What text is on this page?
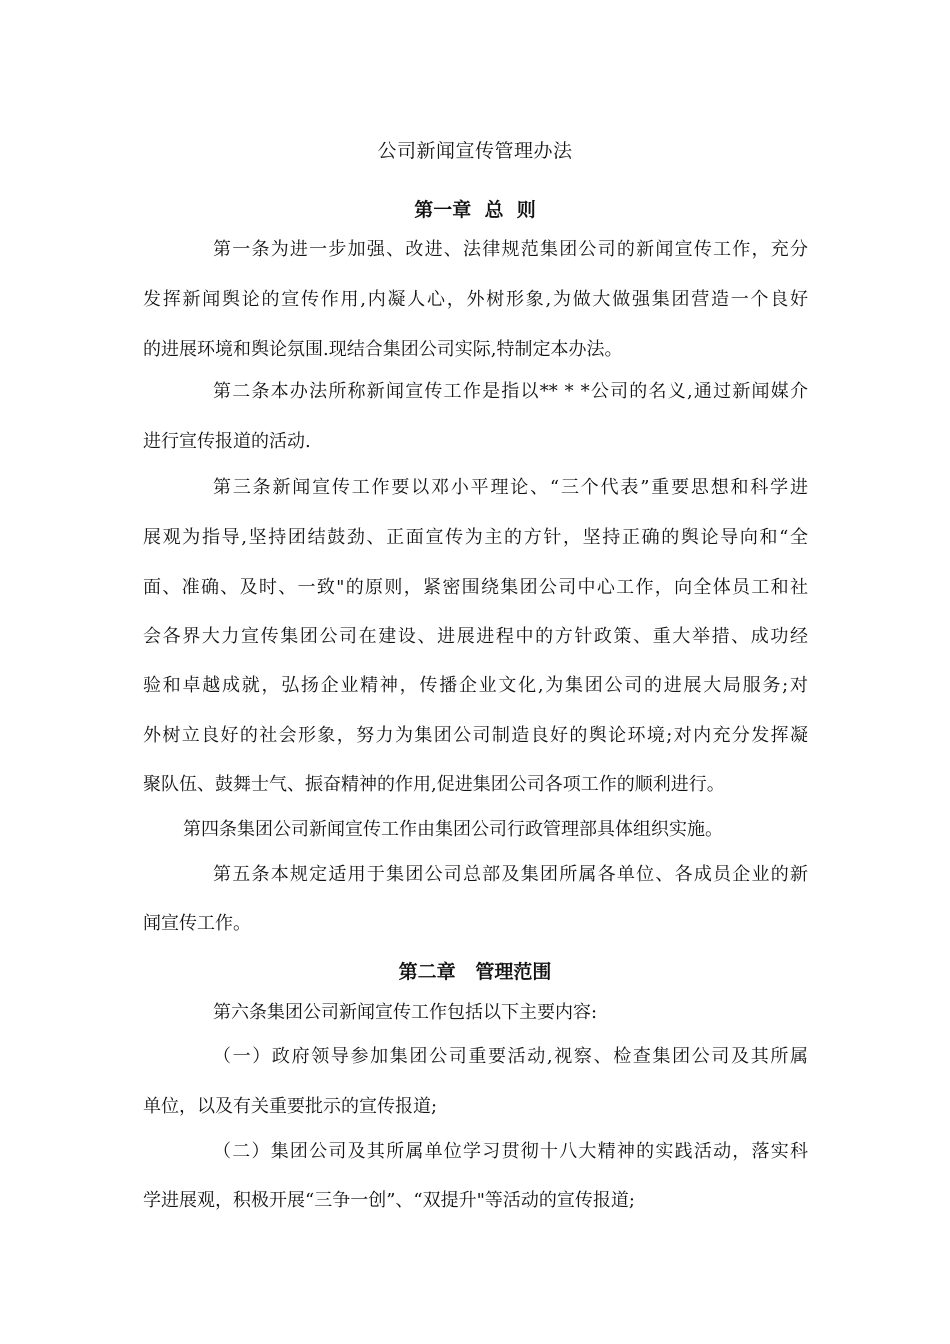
公司新闻宣传管理办法
第一章  总  则
第一条为进一步加强、改进、法律规范集团公司的新闻宣传工作，充分
发挥新闻舆论的宣传作用,内凝人心，外树形象,为做大做强集团营造一个良好
的进展环境和舆论氛围.现结合集团公司实际,特制定本办法。
第二条本办法所称新闻宣传工作是指以** * *公司的名义,通过新闻媒介
进行宣传报道的活动.
第三条新闻宣传工作要以邓小平理论、“三个代表”重要思想和科学进
展观为指导,坚持团结鼓劲、正面宣传为主的方针，坚持正确的舆论导向和“全
面、准确、及时、一致"的原则，紧密围绕集团公司中心工作，向全体员工和社
会各界大力宣传集团公司在建设、进展进程中的方针政策、重大举措、成功经
验和卓越成就，弘扬企业精神，传播企业文化,为集团公司的进展大局服务;对
外树立良好的社会形象，努力为集团公司制造良好的舆论环境;对内充分发挥凝
聚队伍、鼓舞士气、振奋精神的作用,促进集团公司各项工作的顺利进行。
第四条集团公司新闻宣传工作由集团公司行政管理部具体组织实施。
第五条本规定适用于集团公司总部及集团所属各单位、各成员企业的新
闻宣传工作。
第二章   管理范围
第六条集团公司新闻宣传工作包括以下主要内容:
（一）政府领导参加集团公司重要活动,视察、检查集团公司及其所属
单位，以及有关重要批示的宣传报道;
（二）集团公司及其所属单位学习贯彻十八大精神的实践活动，落实科
学进展观，积极开展“三争一创”、“双提升"等活动的宣传报道;
